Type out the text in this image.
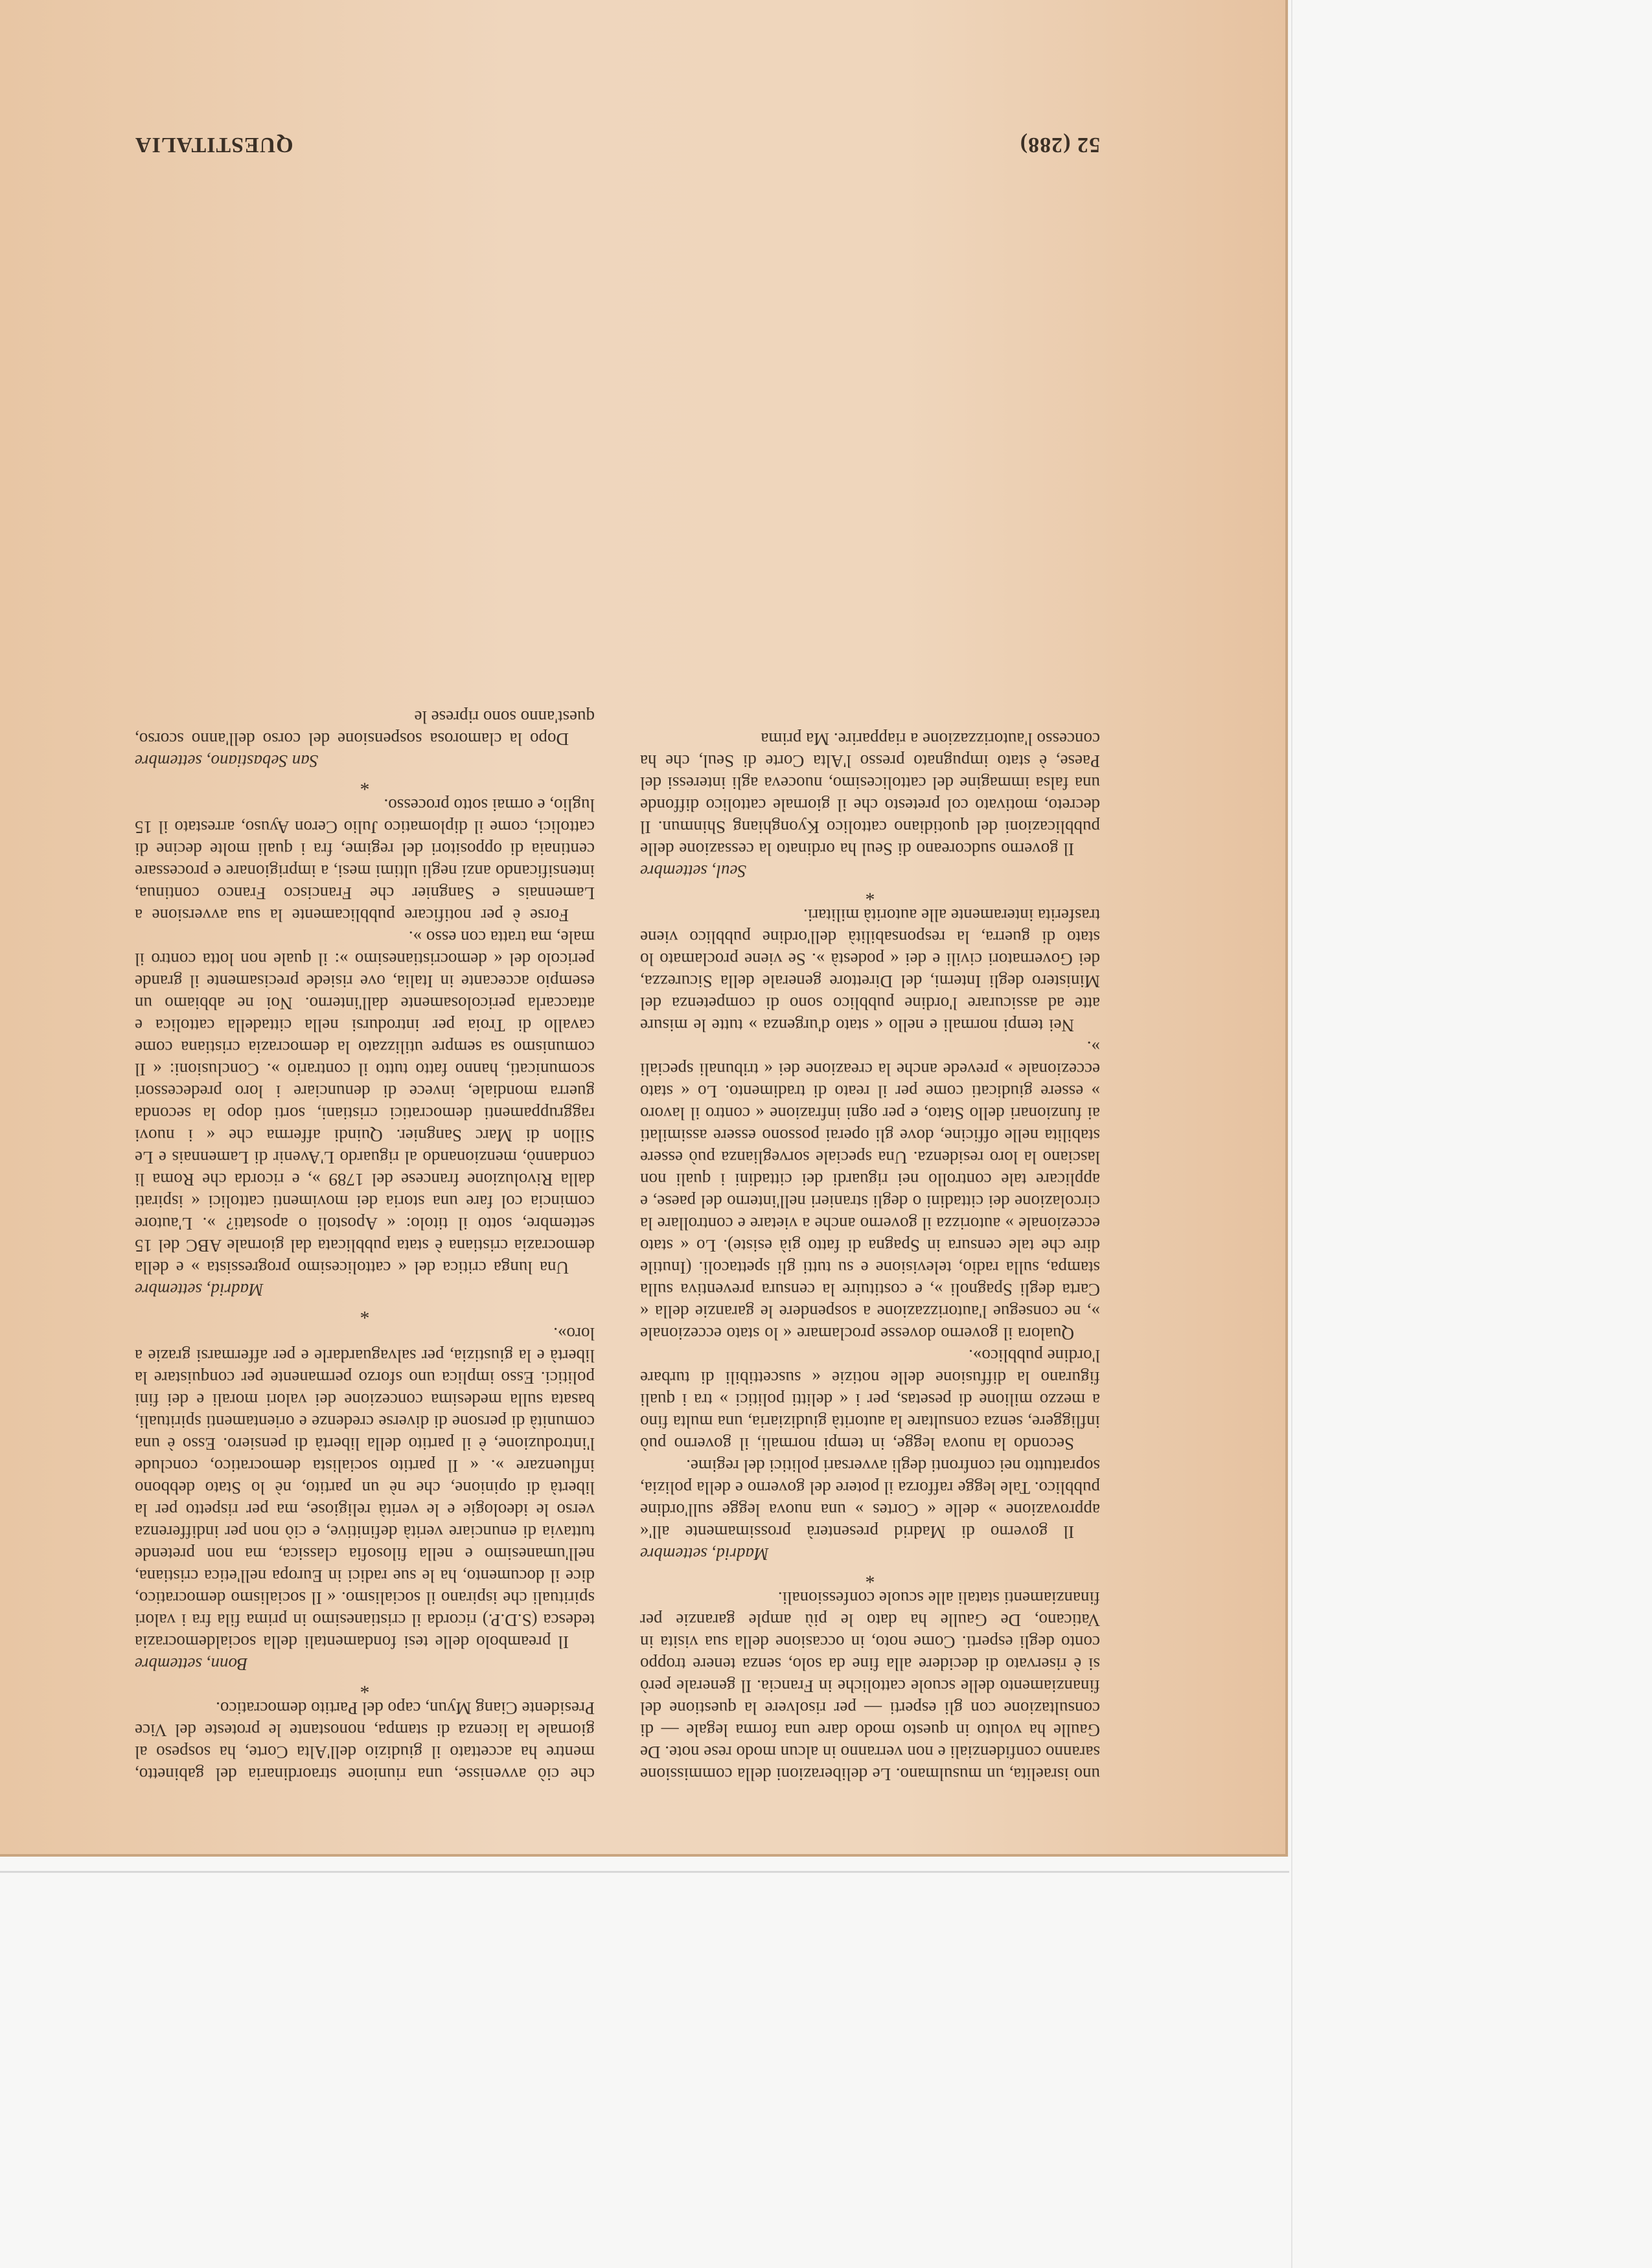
uno israelita, un musulmano. Le deliberazioni della commissione saranno confidenziali e non verranno in alcun modo rese note. De Gaulle ha voluto in questo modo dare una forma legale — di consultazione con gli esperti — per risolvere la questione del finanziamento delle scuole cattoliche in Francia. Il generale però si è riservato di decidere alla fine da solo, senza tenere troppo conto degli esperti. Come noto, in occasione della sua visita in Vaticano, De Gaulle ha dato le più ample garanzie per finanziamenti statali alle scuole confessionali.

*

Madrid, settembre

Il governo di Madrid presenterà prossimamente all'« approvazione » delle « Cortes » una nuova legge sull'ordine pubblico. Tale legge rafforza il potere del governo e della polizia, soprattutto nei confronti degli avversari politici del regime.

Secondo la nuova legge, in tempi normali, il governo può infliggere, senza consultare la autorità giudiziaria, una multa fino a mezzo milione di pesetas, per i « delitti politici » tra i quali figurano la diffusione delle notizie « suscettibili di turbare l'ordine pubblico».

Qualora il governo dovesse proclamare « lo stato eccezionale », ne consegue l'autorizzazione a sospendere le garanzie della « Carta degli Spagnoli », e costituire la censura preventiva sulla stampa, sulla radio, televisione e su tutti gli spettacoli. (Inutile dire che tale censura in Spagna di fatto già esiste). Lo « stato eccezionale » autorizza il governo anche a vietare e controllare la circolazione dei cittadini o degli stranieri nell'interno del paese, e applicare tale controllo nei riguardi dei cittadini i quali non lasciano la loro residenza. Una speciale sorveglianza può essere stabilita nelle officine, dove gli operai possono essere assimilati ai funzionari dello Stato, e per ogni infrazione « contro il lavoro » essere giudicati come per il reato di tradimento. Lo « stato eccezionale » prevede anche la creazione dei « tribunali speciali ».

Nei tempi normali e nello « stato d'urgenza » tutte le misure atte ad assicurare l'ordine pubblico sono di competenza del Ministero degli Interni, del Direttore generale della Sicurezza, dei Governatori civili e dei « podestà ». Se viene proclamato lo stato di guerra, la responsabilità dell'ordine pubblico viene trasferita interamente alle autorità militari.

*

Seul, settembre

Il governo sudcoreano di Seul ha ordinato la cessazione delle pubblicazioni del quotidiano cattolico Kyonghiang Shinmun. Il decreto, motivato col pretesto che il giornale cattolico diffonde una falsa immagine del cattolicesimo, nuoceva agli interessi del Paese, è stato impugnato presso l'Alta Corte di Seul, che ha concesso l'autorizzazione a riapparire. Ma prima

che ciò avvenisse, una riunione straordinaria del gabinetto, mentre ha accettato il giudizio dell'Alta Corte, ha sospeso al giornale la licenza di stampa, nonostante le proteste del Vice Presidente Ciang Myun, capo del Partito democratico.

*

Bonn, settembre

Il preambolo delle tesi fondamentali della socialdemocrazia tedesca (S.D.P.) ricorda il cristianesimo in prima fila fra i valori spirituali che ispirano il socialismo. « Il socialismo democratico, dice il documento, ha le sue radici in Europa nell'etica cristiana, nell'umanesimo e nella filosofia classica, ma non pretende tuttavia di enunciare verità definitive, e ciò non per indifferenza verso le ideologie e le verità religiose, ma per rispetto per la libertà di opinione, che nè un partito, nè lo Stato debbono influenzare ». « Il partito socialista democratico, conclude l'introduzione, è il partito della libertà di pensiero. Esso è una comunità di persone di diverse credenze e orientamenti spirituali, basata sulla medesima concezione dei valori morali e dei fini politici. Esso implica uno sforzo permanente per conquistare la libertà e la giustizia, per salvaguardarle e per affermarsi grazie a loro».

*

Madrid, settembre

Una lunga critica del « cattolicesimo progressista » e della democrazia cristiana è stata pubblicata dal giornale ABC del 15 settembre, sotto il titolo: « Apostoli o apostati? ». L'autore comincia col fare una storia dei movimenti cattolici « ispirati dalla Rivoluzione francese del 1789 », e ricorda che Roma li condannò, menzionando al riguardo L'Avenir di Lamennais e Le Sillon di Marc Sangnier. Quindi afferma che « i nuovi raggruppamenti democratici cristiani, sorti dopo la seconda guerra mondiale, invece di denunciare i loro predecessori scomunicati, hanno fatto tutto il contrario ». Conclusioni: « Il comunismo sa sempre utilizzato la democrazia cristiana come cavallo di Troia per introdursi nella cittadella cattolica e attaccarla pericolosamente dall'interno. Noi ne abbiamo un esempio accecante in Italia, ove risiede precisamente il grande pericolo del « democristianesimo »: il quale non lotta contro il male, ma tratta con esso ».

Forse è per notificare pubblicamente la sua avversione a Lamennais e Sangnier che Francisco Franco continua, intensificando anzi negli ultimi mesi, a imprigionare e processare centinaia di oppositori del regime, fra i quali molte decine di cattolici, come il diplomatico Julio Ceron Ayuso, arrestato il 15 luglio, e ormai sotto processo.

*

San Sebastiano, settembre

Dopo la clamorosa sospensione del corso dell'anno scorso, quest'anno sono riprese le

52 (288)
QUESTITALIA
